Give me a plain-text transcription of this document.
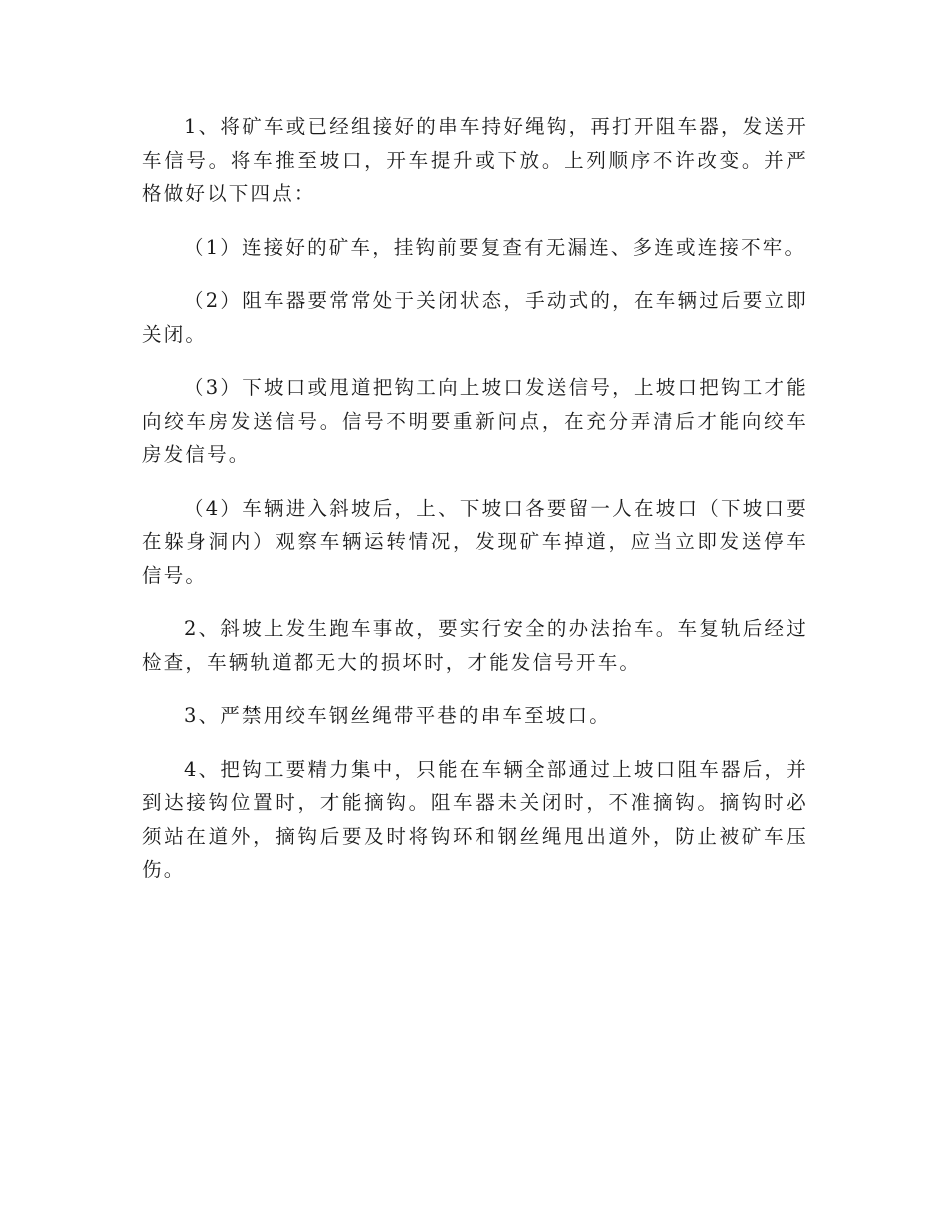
1、将矿车或已经组接好的串车持好绳钩，再打开阻车器，发送开车信号。将车推至坡口，开车提升或下放。上列顺序不许改变。并严格做好以下四点：

（1）连接好的矿车，挂钩前要复查有无漏连、多连或连接不牢。

（2）阻车器要常常处于关闭状态，手动式的，在车辆过后要立即关闭。

（3）下坡口或甩道把钩工向上坡口发送信号，上坡口把钩工才能向绞车房发送信号。信号不明要重新问点，在充分弄清后才能向绞车房发信号。

（4）车辆进入斜坡后，上、下坡口各要留一人在坡口（下坡口要在躲身洞内）观察车辆运转情况，发现矿车掉道，应当立即发送停车信号。

2、斜坡上发生跑车事故，要实行安全的办法抬车。车复轨后经过检查，车辆轨道都无大的损坏时，才能发信号开车。

3、严禁用绞车钢丝绳带平巷的串车至坡口。

4、把钩工要精力集中，只能在车辆全部通过上坡口阻车器后，并到达接钩位置时，才能摘钩。阻车器未关闭时，不准摘钩。摘钩时必须站在道外，摘钩后要及时将钩环和钢丝绳甩出道外，防止被矿车压伤。
